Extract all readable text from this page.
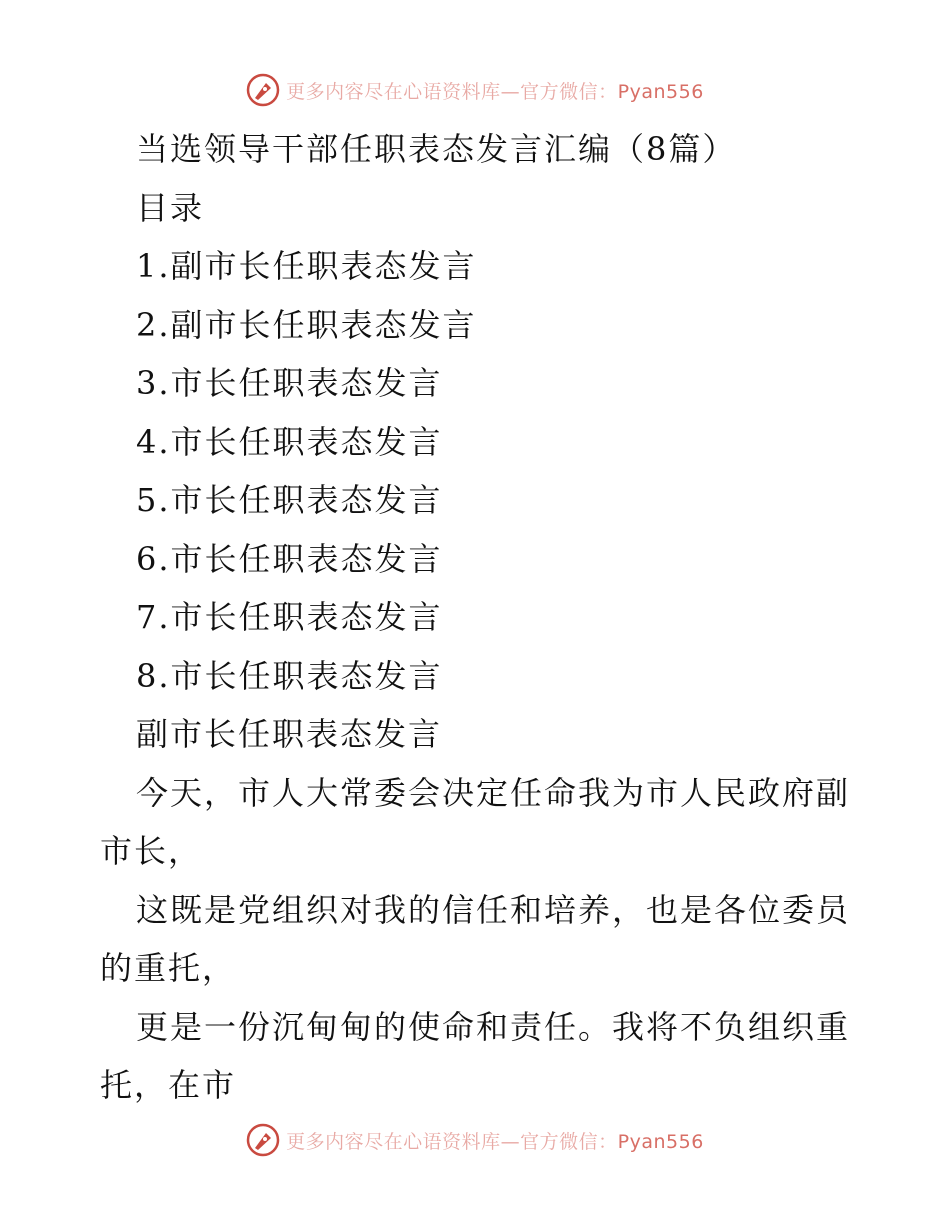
更多内容尽在心语资料库—官方微信：Pyan556
当选领导干部任职表态发言汇编（8篇）
目录
1.副市长任职表态发言
2.副市长任职表态发言
3.市长任职表态发言
4.市长任职表态发言
5.市长任职表态发言
6.市长任职表态发言
7.市长任职表态发言
8.市长任职表态发言
副市长任职表态发言
今天，市人大常委会决定任命我为市人民政府副市长，
这既是党组织对我的信任和培养，也是各位委员的重托，
更是一份沉甸甸的使命和责任。我将不负组织重托，在市
更多内容尽在心语资料库—官方微信：Pyan556
